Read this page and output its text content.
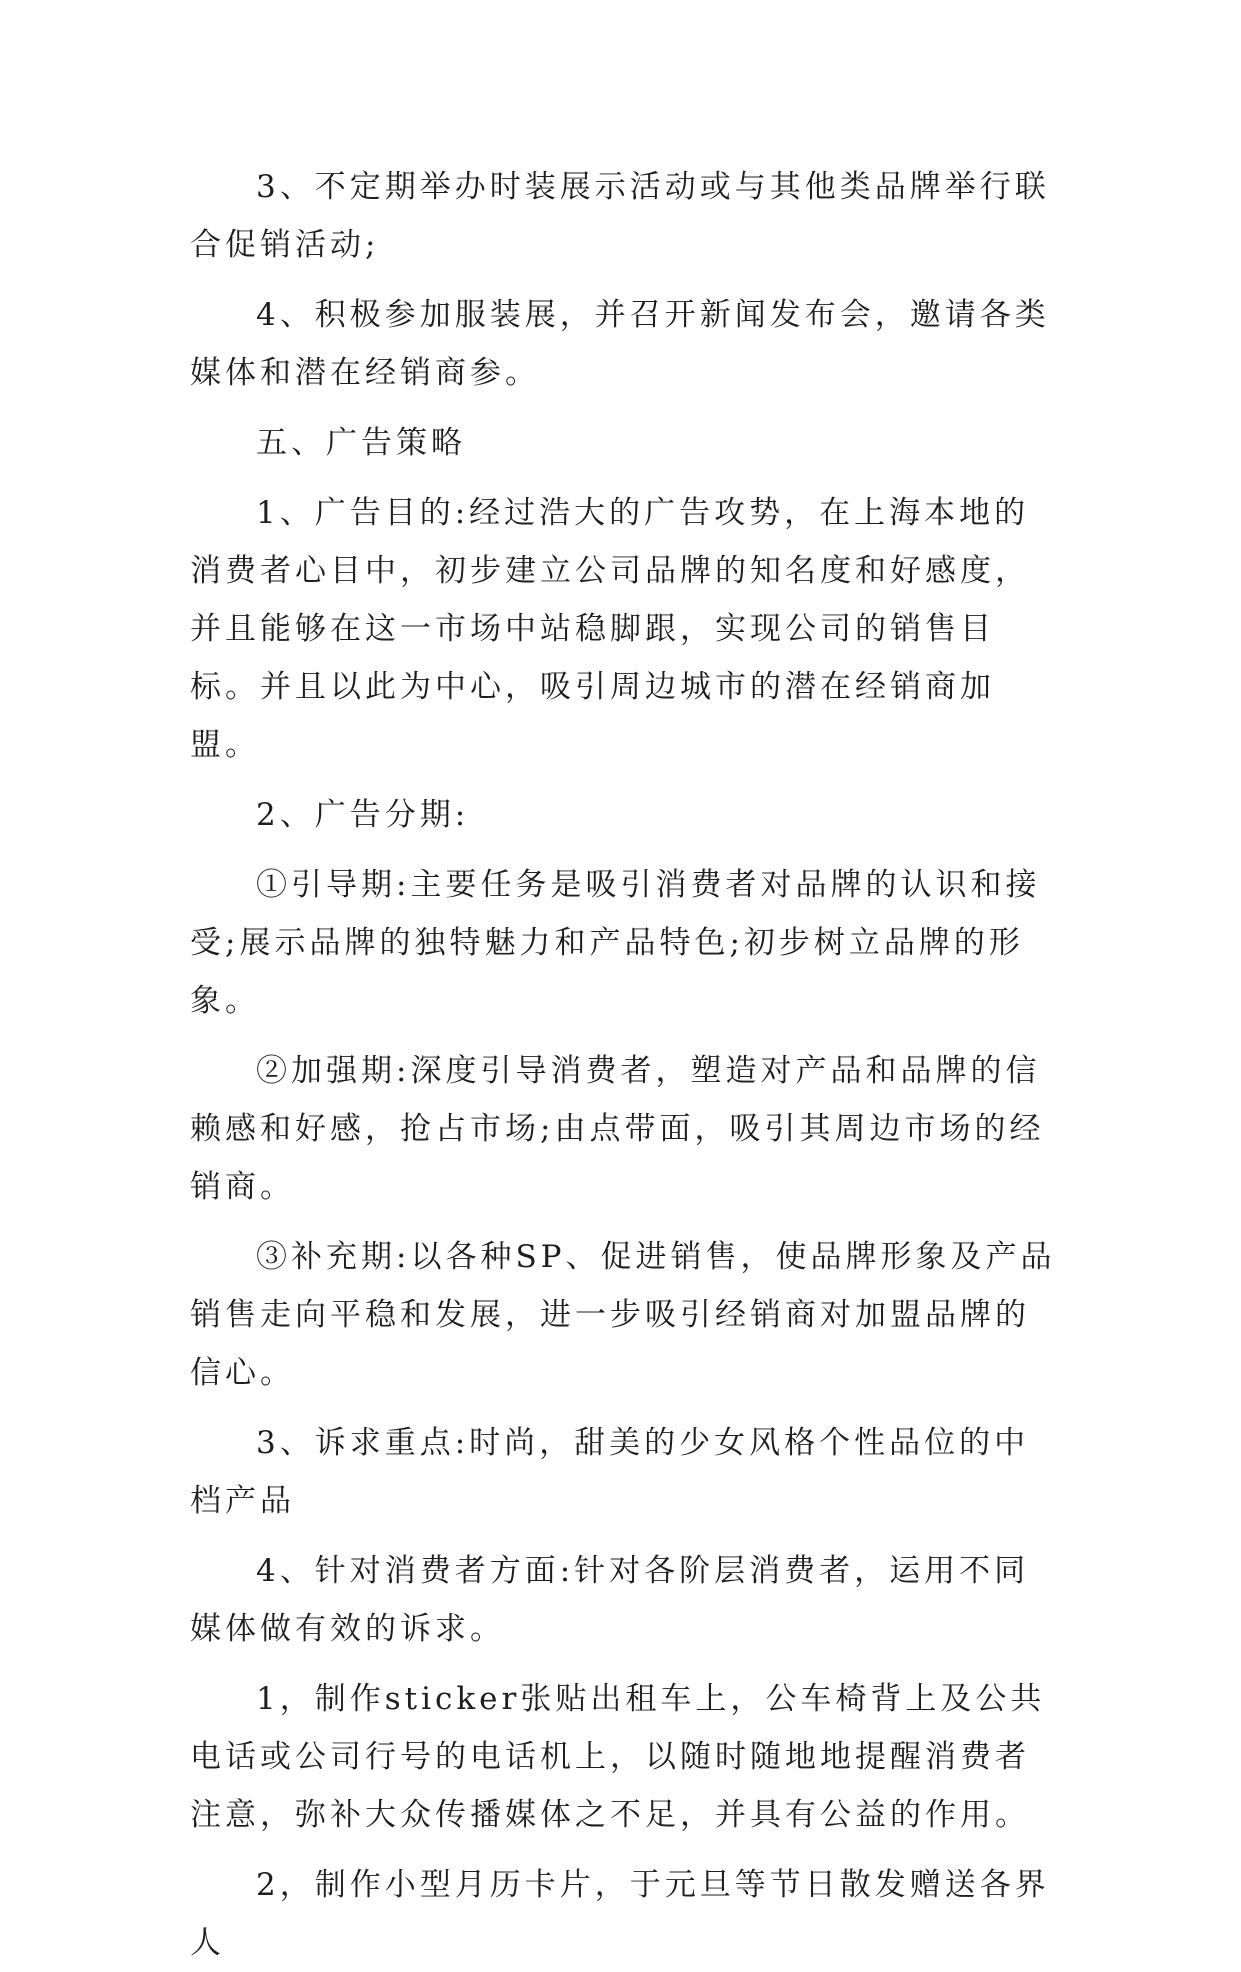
3、不定期举办时装展示活动或与其他类品牌举行联合促销活动;

4、积极参加服装展，并召开新闻发布会，邀请各类媒体和潜在经销商参。

五、广告策略

1、广告目的:经过浩大的广告攻势，在上海本地的消费者心目中，初步建立公司品牌的知名度和好感度，并且能够在这一市场中站稳脚跟，实现公司的销售目标。并且以此为中心，吸引周边城市的潜在经销商加盟。

2、广告分期:

①引导期:主要任务是吸引消费者对品牌的认识和接受;展示品牌的独特魅力和产品特色;初步树立品牌的形象。

②加强期:深度引导消费者，塑造对产品和品牌的信赖感和好感，抢占市场;由点带面，吸引其周边市场的经销商。

③补充期:以各种SP、促进销售，使品牌形象及产品销售走向平稳和发展，进一步吸引经销商对加盟品牌的信心。

3、诉求重点:时尚，甜美的少女风格个性品位的中档产品

4、针对消费者方面:针对各阶层消费者，运用不同媒体做有效的诉求。

1，制作sticker张贴出租车上，公车椅背上及公共电话或公司行号的电话机上，以随时随地地提醒消费者注意，弥补大众传播媒体之不足，并具有公益的作用。

2，制作小型月历卡片，于元旦等节日散发赠送各界人
